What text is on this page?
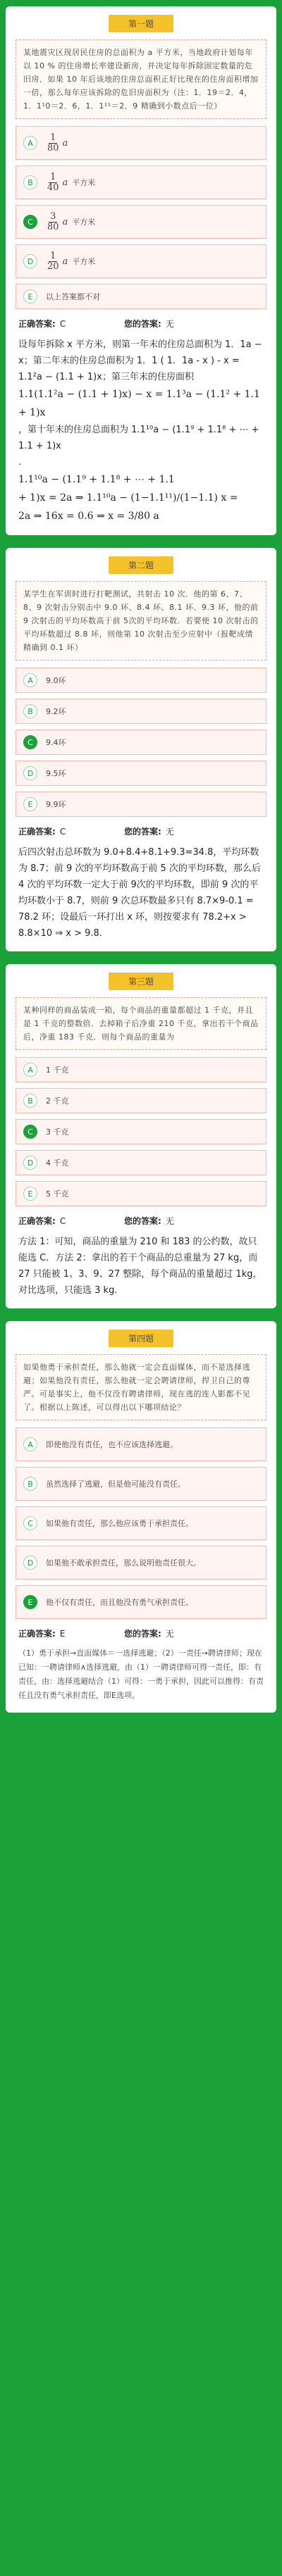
第一题
某地震灾区现居民住房的总面积为 a 平方米，当地政府计划每年以 10 % 的住房增长率建设新房，并决定每年拆除固定数量的危旧房．如果 10 年后该地的住房总面积正好比现在的住房面积增加一倍，那么每年应该拆除的危旧房面积为（注：1．19＝2．4，1．1¹0＝2．6，1．1¹¹＝2．9 精确到小数点后一位）
A	$\frac{1}{80}$ a
B	$\frac{1}{40}$ a 平方米
C	$\frac{3}{80}$ a 平方米
D	$\frac{1}{20}$ a 平方米
E	以上答案都不对
正确答案: C	您的答案: 无
设每年拆除 x 平方米，则第一年末的住房总面积为 1．1a − x；第二年末的住房总面积为 1．1 ( 1．1a - x ) - x = 1.1²a − (1.1 + 1)x；第三年末的住房面积
1.1(1.1²a − (1.1 + 1)x) − x = 1.1³a − (1.1² + 1.1 + 1)x
，第十年末的住房总面积为 1.1¹⁰a − (1.1⁹ + 1.1⁸ + ⋯ + 1.1 + 1)x
.
1.1¹⁰a − (1.1⁹ + 1.1⁸ + ⋯ + 1.1
+ 1)x = 2a ⇒ 1.1¹⁰a − (1−1.1¹¹)/(1−1.1) x =
2a ⇒ 16x = 0.6 ⇒ x = 3/80 a
第二题
某学生在军训时进行打靶测试，共射击 10 次．他的第 6、7、8、9 次射击分别击中 9.0 环、8.4 环、8.1 环、9.3 环，他的前 9 次射击的平均环数高于前 5次的平均环数．若要使 10 次射击的平均环数超过 8.8 环，则他第 10 次射击至少应射中（报靶成绩精确到 0.1 环）
A	9.0环
B	9.2环
C	9.4环
D	9.5环
E	9.9环
正确答案: C	您的答案: 无
后四次射击总环数为 9.0+8.4+8.1+9.3=34.8，平均环数为 8.7；前 9 次的平均环数高于前 5 次的平均环数，那么后 4 次的平均环数一定大于前 9次的平均环数，即前 9 次的平均环数小于 8.7，则前 9 次总环数最多只有 8.7×9-0.1 = 78.2 环；设最后一环打出 x 环，则按要求有 78.2+x > 8.8×10 ⇒ x > 9.8.
第三题
某种同样的商品装成一箱，每个商品的重量都超过 1 千克，并且是 1 千克的整数倍．去掉箱子后净重 210 千克，拿出若干个商品后，净重 183 千克．则每个商品的重量为
A	1 千克
B	2 千克
C	3 千克
D	4 千克
E	5 千克
正确答案: C	您的答案: 无
方法 1：可知，商品的重量为 210 和 183 的公约数，故只能选 C．方法 2：拿出的若干个商品的总重量为 27 kg，而 27 只能被 1、3、9、27 整除，每个商品的重量超过 1kg，对比选项，只能选 3 kg．
第四题
如果他勇于承担责任，那么他就一定会直面媒体，而不是选择逃避；如果他没有责任，那么他就一定会聘请律师，捍卫自己的尊严。可是事实上，他不仅没有聘请律师，现在逃的连人影都不见了。根据以上陈述，可以得出以下哪项结论？
A	即使他没有责任，也不应该选择逃避。
B	虽然选择了逃避，但是他可能没有责任。
C	如果他有责任，那么他应该勇于承担责任。
D	如果他不敢承担责任，那么说明他责任很大。
E	他不仅有责任，而且他没有勇气承担责任。
正确答案: E	您的答案: 无
（1）勇于承担→直面媒体＝一选择逃避；（2）一责任→聘请律师；现在已知：一聘请律师∧选择逃避，由（1）一聘请律师可得一责任，即：有责任，由：选择逃避结合（1）可得：一勇于承担，因此可以推得：有责任且没有勇气承担责任，即E选项。
